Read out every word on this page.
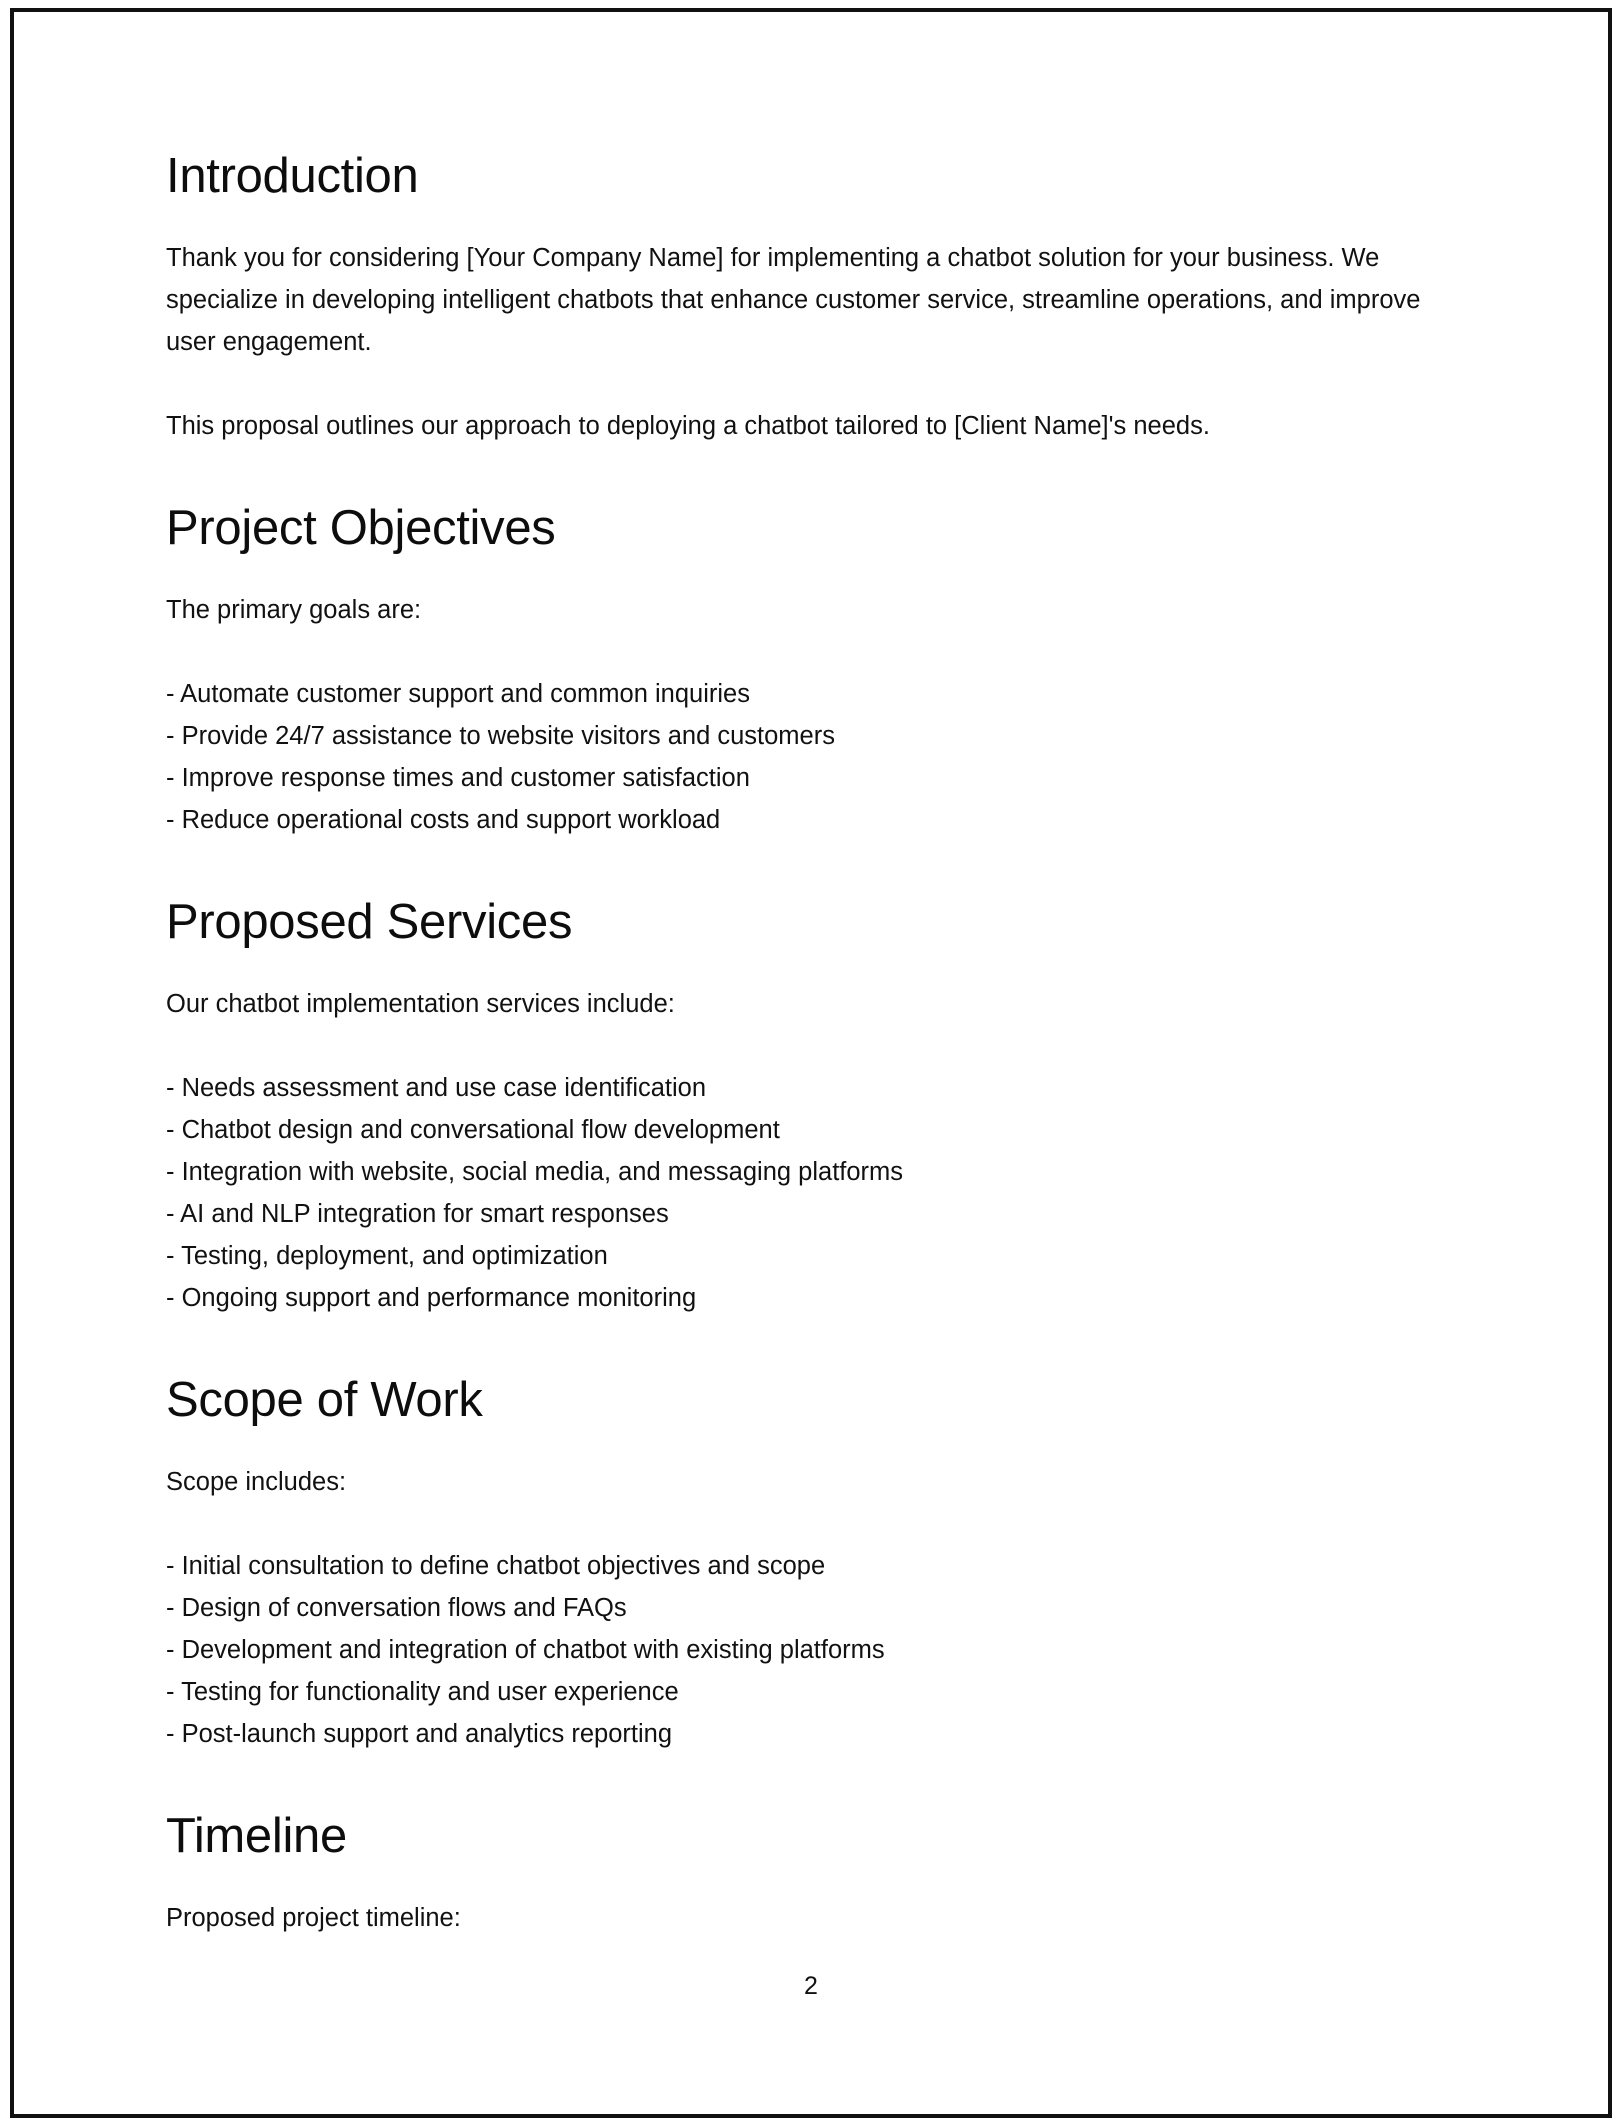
Introduction

Thank you for considering [Your Company Name] for implementing a chatbot solution for your business. We specialize in developing intelligent chatbots that enhance customer service, streamline operations, and improve user engagement.

This proposal outlines our approach to deploying a chatbot tailored to [Client Name]'s needs.

Project Objectives

The primary goals are:

- Automate customer support and common inquiries
- Provide 24/7 assistance to website visitors and customers
- Improve response times and customer satisfaction
- Reduce operational costs and support workload
Proposed Services

Our chatbot implementation services include:

- Needs assessment and use case identification
- Chatbot design and conversational flow development
- Integration with website, social media, and messaging platforms
- AI and NLP integration for smart responses
- Testing, deployment, and optimization
- Ongoing support and performance monitoring
Scope of Work

Scope includes:

- Initial consultation to define chatbot objectives and scope
- Design of conversation flows and FAQs
- Development and integration of chatbot with existing platforms
- Testing for functionality and user experience
- Post-launch support and analytics reporting
Timeline

Proposed project timeline:

2
